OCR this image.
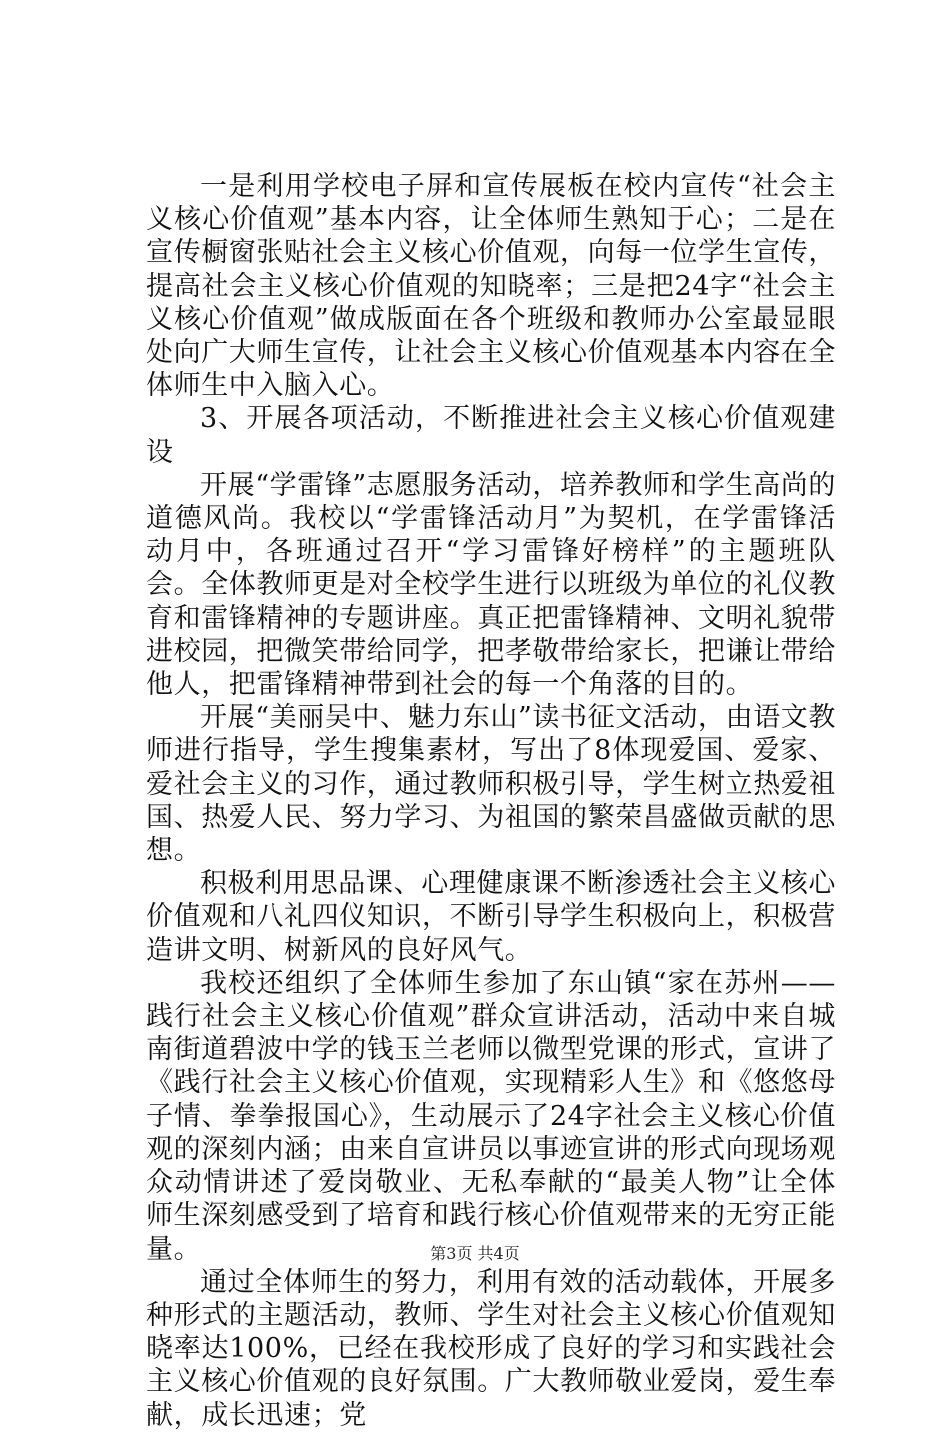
一是利用学校电子屏和宣传展板在校内宣传“社会主义核心价值观”基本内容，让全体师生熟知于心；二是在宣传橱窗张贴社会主义核心价值观，向每一位学生宣传，提高社会主义核心价值观的知晓率；三是把24字“社会主义核心价值观”做成版面在各个班级和教师办公室最显眼处向广大师生宣传，让社会主义核心价值观基本内容在全体师生中入脑入心。

3、开展各项活动，不断推进社会主义核心价值观建设

开展“学雷锋”志愿服务活动，培养教师和学生高尚的道德风尚。我校以“学雷锋活动月”为契机，在学雷锋活动月中，各班通过召开“学习雷锋好榜样”的主题班队会。全体教师更是对全校学生进行以班级为单位的礼仪教育和雷锋精神的专题讲座。真正把雷锋精神、文明礼貌带进校园，把微笑带给同学，把孝敬带给家长，把谦让带给他人，把雷锋精神带到社会的每一个角落的目的。

开展“美丽吴中、魅力东山”读书征文活动，由语文教师进行指导，学生搜集素材，写出了8体现爱国、爱家、爱社会主义的习作，通过教师积极引导，学生树立热爱祖国、热爱人民、努力学习、为祖国的繁荣昌盛做贡献的思想。

积极利用思品课、心理健康课不断渗透社会主义核心价值观和八礼四仪知识，不断引导学生积极向上，积极营造讲文明、树新风的良好风气。

我校还组织了全体师生参加了东山镇“家在苏州——践行社会主义核心价值观”群众宣讲活动，活动中来自城南街道碧波中学的钱玉兰老师以微型党课的形式，宣讲了《践行社会主义核心价值观，实现精彩人生》和《悠悠母子情、拳拳报国心》，生动展示了24字社会主义核心价值观的深刻内涵；由来自宣讲员以事迹宣讲的形式向现场观众动情讲述了爱岗敬业、无私奉献的“最美人物”让全体师生深刻感受到了培育和践行核心价值观带来的无穷正能量。

通过全体师生的努力，利用有效的活动载体，开展多种形式的主题活动，教师、学生对社会主义核心价值观知晓率达100%，已经在我校形成了良好的学习和实践社会主义核心价值观的良好氛围。广大教师敬业爱岗，爱生奉献，成长迅速；党

第3页 共4页
